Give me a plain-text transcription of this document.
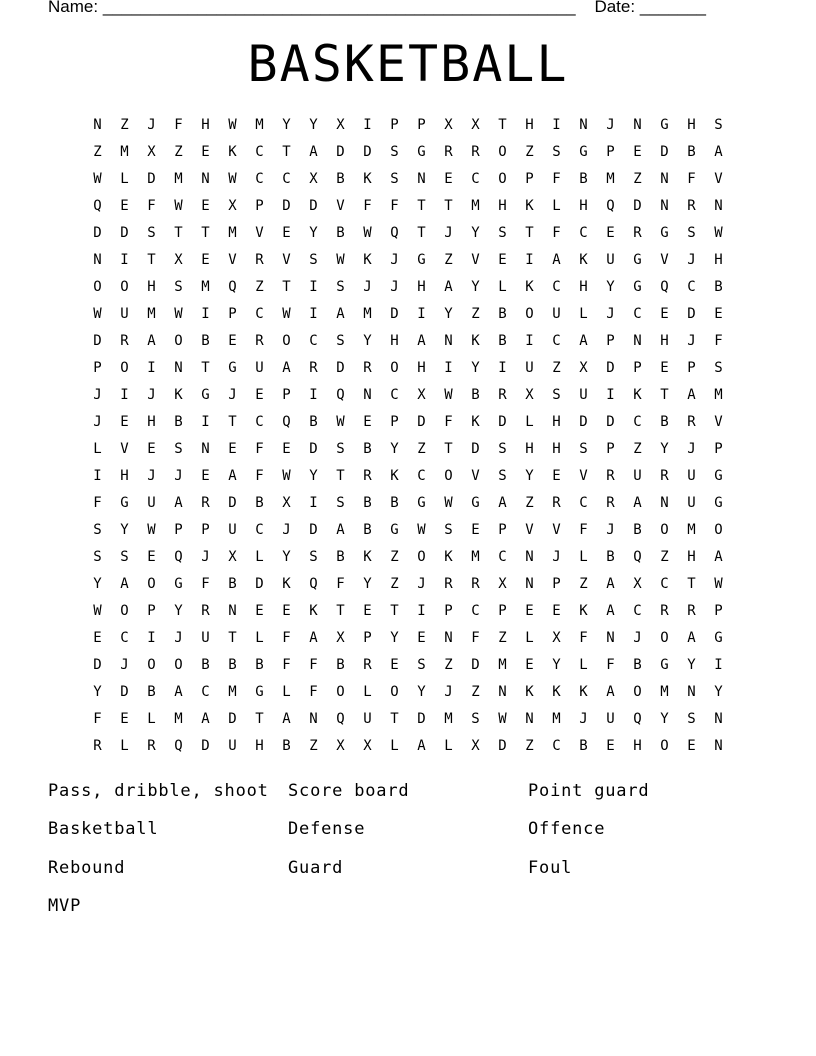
Name: __________________________________________________ Date: _______
BASKETBALL
N	Z	J	F	H	W	M	Y	Y	X	I	P	P	X	X	T	H	I	N	J	N	G	H	S
Z	M	X	Z	E	K	C	T	A	D	D	S	G	R	R	O	Z	S	G	P	E	D	B	A
W	L	D	M	N	W	C	C	X	B	K	S	N	E	C	O	P	F	B	M	Z	N	F	V
Q	E	F	W	E	X	P	D	D	V	F	F	T	T	M	H	K	L	H	Q	D	N	R	N
D	D	S	T	T	M	V	E	Y	B	W	Q	T	J	Y	S	T	F	C	E	R	G	S	W
N	I	T	X	E	V	R	V	S	W	K	J	G	Z	V	E	I	A	K	U	G	V	J	H
O	O	H	S	M	Q	Z	T	I	S	J	J	H	A	Y	L	K	C	H	Y	G	Q	C	B
W	U	M	W	I	P	C	W	I	A	M	D	I	Y	Z	B	O	U	L	J	C	E	D	E
D	R	A	O	B	E	R	O	C	S	Y	H	A	N	K	B	I	C	A	P	N	H	J	F
P	O	I	N	T	G	U	A	R	D	R	O	H	I	Y	I	U	Z	X	D	P	E	P	S
J	I	J	K	G	J	E	P	I	Q	N	C	X	W	B	R	X	S	U	I	K	T	A	M
J	E	H	B	I	T	C	Q	B	W	E	P	D	F	K	D	L	H	D	D	C	B	R	V
L	V	E	S	N	E	F	E	D	S	B	Y	Z	T	D	S	H	H	S	P	Z	Y	J	P
I	H	J	J	E	A	F	W	Y	T	R	K	C	O	V	S	Y	E	V	R	U	R	U	G
F	G	U	A	R	D	B	X	I	S	B	B	G	W	G	A	Z	R	C	R	A	N	U	G
S	Y	W	P	P	U	C	J	D	A	B	G	W	S	E	P	V	V	F	J	B	O	M	O
S	S	E	Q	J	X	L	Y	S	B	K	Z	O	K	M	C	N	J	L	B	Q	Z	H	A
Y	A	O	G	F	B	D	K	Q	F	Y	Z	J	R	R	X	N	P	Z	A	X	C	T	W
W	O	P	Y	R	N	E	E	K	T	E	T	I	P	C	P	E	E	K	A	C	R	R	P
E	C	I	J	U	T	L	F	A	X	P	Y	E	N	F	Z	L	X	F	N	J	O	A	G
D	J	O	O	B	B	B	F	F	B	R	E	S	Z	D	M	E	Y	L	F	B	G	Y	I
Y	D	B	A	C	M	G	L	F	O	L	O	Y	J	Z	N	K	K	K	A	O	M	N	Y
F	E	L	M	A	D	T	A	N	Q	U	T	D	M	S	W	N	M	J	U	Q	Y	S	N
R	L	R	Q	D	U	H	B	Z	X	X	L	A	L	X	D	Z	C	B	E	H	O	E	N
Pass, dribble, shoot	Score board	Point guard
Basketball	Defense	Offence
Rebound	Guard	Foul
MVP
